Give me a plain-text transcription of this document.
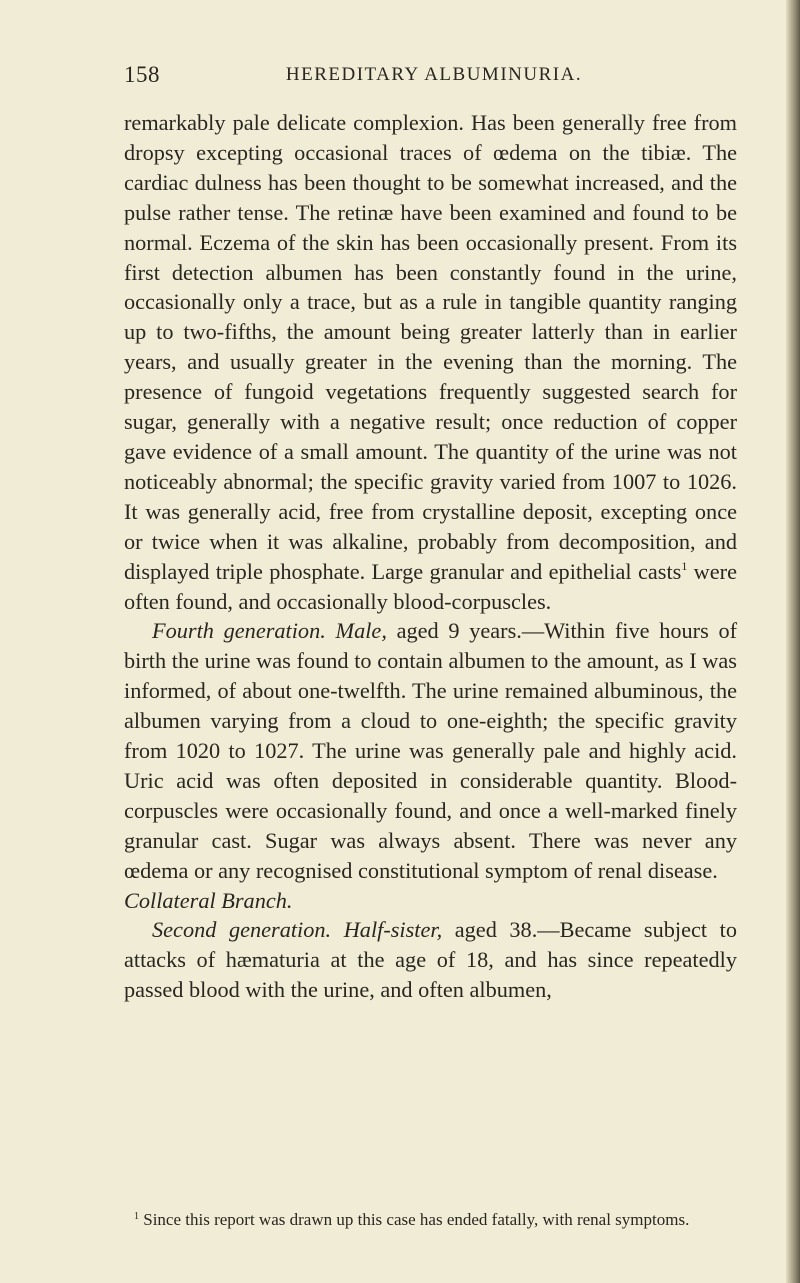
158	HEREDITARY ALBUMINURIA.

remarkably pale delicate complexion. Has been generally free from dropsy excepting occasional traces of œdema on the tibiæ. The cardiac dulness has been thought to be somewhat increased, and the pulse rather tense. The retinæ have been examined and found to be normal. Eczema of the skin has been occasionally present. From its first detection albumen has been constantly found in the urine, occasionally only a trace, but as a rule in tangible quantity ranging up to two-fifths, the amount being greater latterly than in earlier years, and usually greater in the evening than the morning. The presence of fungoid vegetations frequently suggested search for sugar, generally with a negative result; once reduction of copper gave evidence of a small amount. The quantity of the urine was not noticeably abnormal; the specific gravity varied from 1007 to 1026. It was generally acid, free from crystalline deposit, excepting once or twice when it was alkaline, probably from decomposition, and displayed triple phosphate. Large granular and epithelial casts$^1$ were often found, and occasionally blood-corpuscles.

Fourth generation. Male, aged 9 years.—Within five hours of birth the urine was found to contain albumen to the amount, as I was informed, of about one-twelfth. The urine remained albuminous, the albumen varying from a cloud to one-eighth; the specific gravity from 1020 to 1027. The urine was generally pale and highly acid. Uric acid was often deposited in considerable quantity. Blood-corpuscles were occasionally found, and once a well-marked finely granular cast. Sugar was always absent. There was never any œdema or any recognised constitutional symptom of renal disease.

Collateral Branch.

Second generation. Half-sister, aged 38.—Became subject to attacks of hæmaturia at the age of 18, and has since repeatedly passed blood with the urine, and often albumen,

$^1$ Since this report was drawn up this case has ended fatally, with renal symptoms.
